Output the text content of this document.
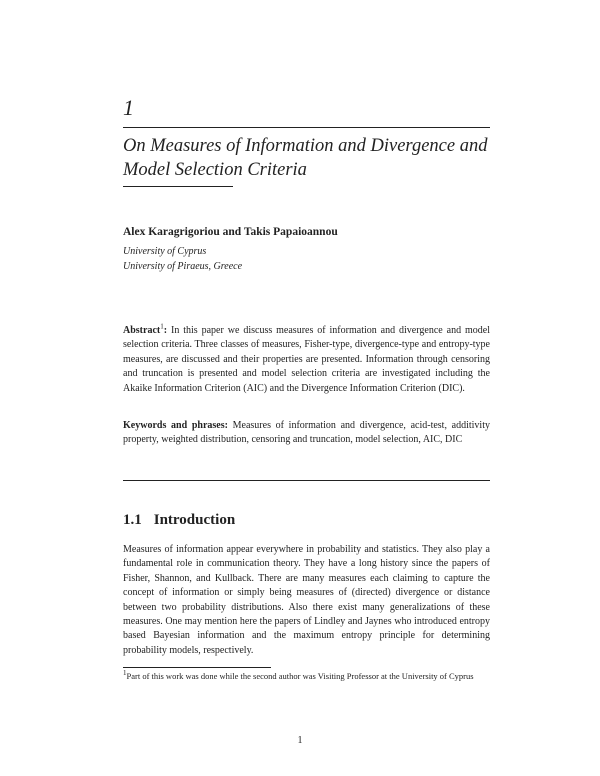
1
On Measures of Information and Divergence and Model Selection Criteria
Alex Karagrigoriou and Takis Papaioannou
University of Cyprus
University of Piraeus, Greece
Abstract$^1$: In this paper we discuss measures of information and divergence and model selection criteria. Three classes of measures, Fisher-type, divergence-type and entropy-type measures, are discussed and their properties are presented. Information through censoring and truncation is presented and model selection criteria are investigated including the Akaike Information Criterion (AIC) and the Divergence Information Criterion (DIC).
Keywords and phrases: Measures of information and divergence, acid-test, additivity property, weighted distribution, censoring and truncation, model selection, AIC, DIC
1.1 Introduction
Measures of information appear everywhere in probability and statistics. They also play a fundamental role in communication theory. They have a long history since the papers of Fisher, Shannon, and Kullback. There are many measures each claiming to capture the concept of information or simply being measures of (directed) divergence or distance between two probability distributions. Also there exist many generalizations of these measures. One may mention here the papers of Lindley and Jaynes who introduced entropy based Bayesian information and the maximum entropy principle for determining probability models, respectively.
$^1$Part of this work was done while the second author was Visiting Professor at the University of Cyprus
1
